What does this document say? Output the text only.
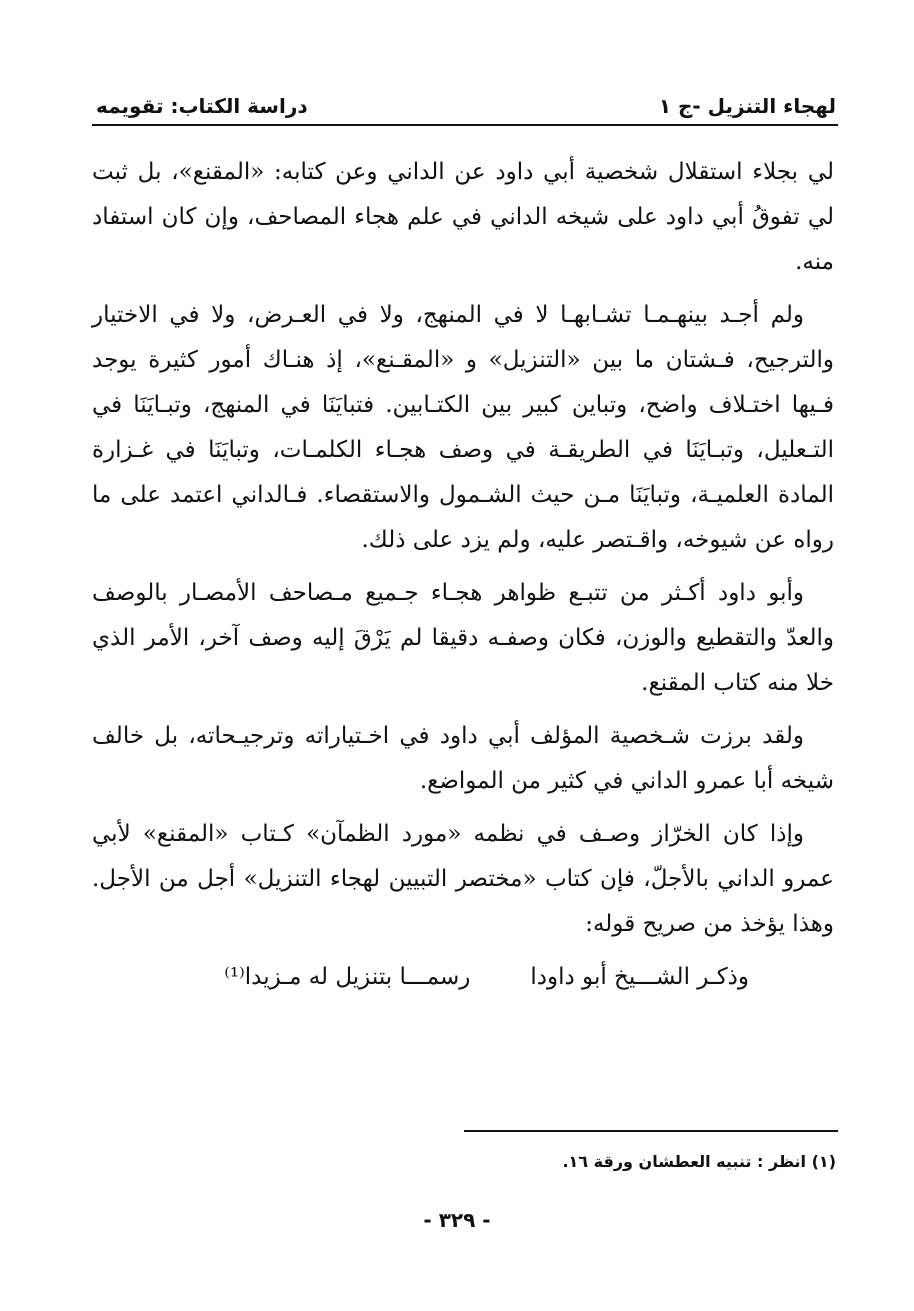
لهجاء التنزيل -ج ١
دراسة الكتاب: تقويمه

لي بجلاء استقلال شخصية أبي داود عن الداني وعن كتابه: «المقنع»، بل ثبت لي تفوقُ أبي داود على شيخه الداني في علم هجاء المصاحف، وإن كان استفاد منه.

ولم أجـد بينهـمـا تشـابهـا لا في المنهج، ولا في العـرض، ولا في الاختيار والترجيح، فـشتان ما بين «التنزيل» و «المقـنع»، إذ هنـاك أمور كثيرة يوجد فـيها اختـلاف واضح، وتباين كبير بين الكتـابين. فتبايَنَا في المنهج، وتبـايَنَا في التـعليل، وتبـايَنَا في الطريقـة في وصف هجـاء الكلمـات، وتبايَنَا في غـزارة المادة العلميـة، وتبايَنَا مـن حيث الشـمول والاستقصاء. فـالداني اعتمد على ما رواه عن شيوخه، واقـتصر عليه، ولم يزد على ذلك.

وأبو داود أكـثر من تتبـع ظواهر هجـاء جـميع مـصاحف الأمصـار بالوصف والعدّ والتقطيع والوزن، فكان وصفـه دقيقا لم يَرْقَ إليه وصف آخر، الأمر الذي خلا منه كتاب المقنع.

ولقد برزت شـخصية المؤلف أبي داود في اخـتياراته وترجيـحاته، بل خالف شيخه أبا عمرو الداني في كثير من المواضع.

وإذا كان الخرّاز وصـف في نظمه «مورد الظمآن» كـتاب «المقنع» لأبي عمرو الداني بالأجلّ، فإن كتاب «مختصر التبيين لهجاء التنزيل» أجل من الأجل. وهذا يؤخذ من صريح قوله:

وذكـر الشـــيخ أبو داودا
رسمـــا بتنزيل له مـزيدا⁽¹⁾
(١) انظر : تنبيه العطشان ورقة ١٦.
- ٣٢٩ -
